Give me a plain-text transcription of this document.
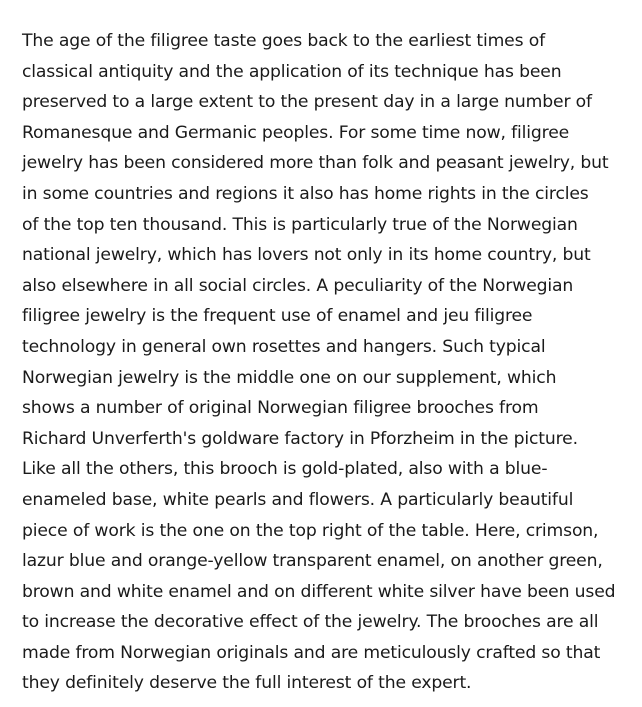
The age of the filigree taste goes back to the earliest times of
classical antiquity and the application of its technique has been
preserved to a large extent to the present day in a large number of
Romanesque and Germanic peoples. For some time now, filigree
jewelry has been considered more than folk and peasant jewelry, but
in some countries and regions it also has home rights in the circles
of the top ten thousand. This is particularly true of the Norwegian
national jewelry, which has lovers not only in its home country, but
also elsewhere in all social circles. A peculiarity of the Norwegian
filigree jewelry is the frequent use of enamel and jeu filigree
technology in general own rosettes and hangers. Such typical
Norwegian jewelry is the middle one on our supplement, which
shows a number of original Norwegian filigree brooches from
Richard Unverferth's goldware factory in Pforzheim in the picture.
Like all the others, this brooch is gold-plated, also with a blue-
enameled base, white pearls and flowers. A particularly beautiful
piece of work is the one on the top right of the table. Here, crimson,
lazur blue and orange-yellow transparent enamel, on another green,
brown and white enamel and on different white silver have been used
to increase the decorative effect of the jewelry. The brooches are all
made from Norwegian originals and are meticulously crafted so that
they definitely deserve the full interest of the expert.
